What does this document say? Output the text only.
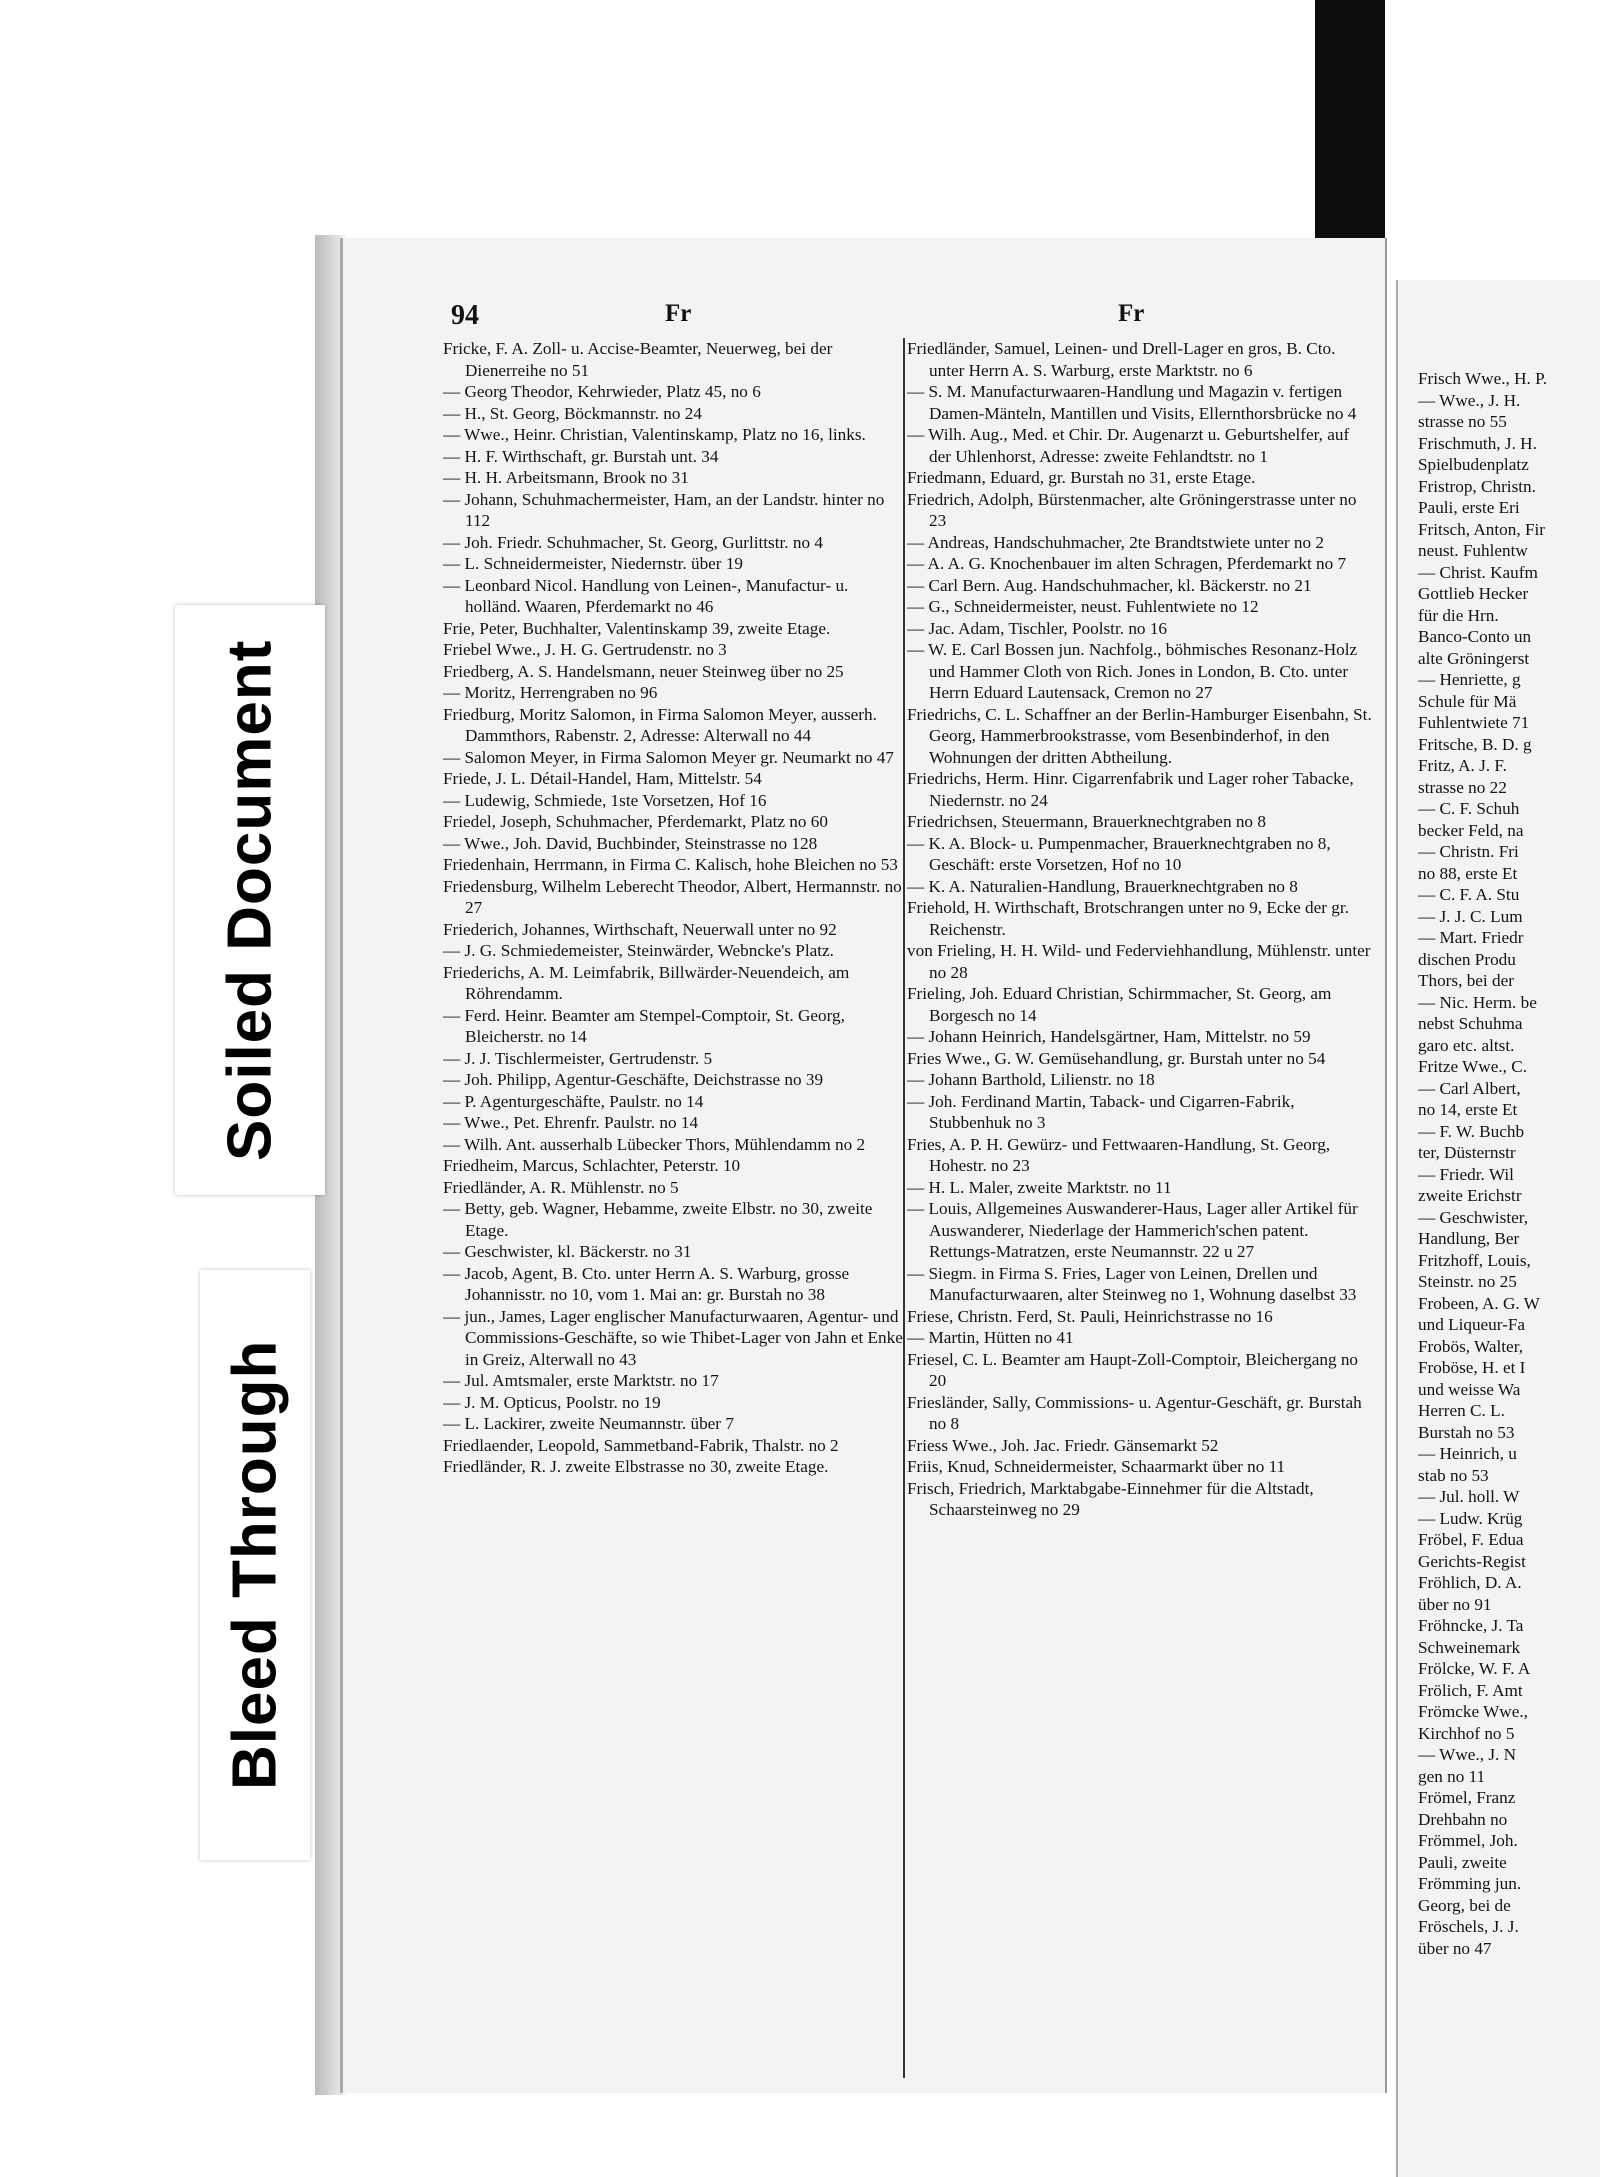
94	Fr	Fr

Fricke, F. A. Zoll- u. Accise-Beamter, Neuerweg, bei der Dienerreihe no 51

— Georg Theodor, Kehrwieder, Platz 45, no 6

— H., St. Georg, Böckmannstr. no 24

— Wwe., Heinr. Christian, Valentinskamp, Platz no 16, links.

— H. F. Wirthschaft, gr. Burstah unt. 34

— H. H. Arbeitsmann, Brook no 31

— Johann, Schuhmachermeister, Ham, an der Landstr. hinter no 112

— Joh. Friedr. Schuhmacher, St. Georg, Gurlittstr. no 4

— L. Schneidermeister, Niedernstr. über 19

— Leonbard Nicol. Handlung von Leinen-, Manufactur- u. holländ. Waaren, Pferdemarkt no 46

Frie, Peter, Buchhalter, Valentinskamp 39, zweite Etage.

Friebel Wwe., J. H. G. Gertrudenstr. no 3

Friedberg, A. S. Handelsmann, neuer Steinweg über no 25

— Moritz, Herrengraben no 96

Friedburg, Moritz Salomon, in Firma Salomon Meyer, ausserh. Dammthors, Rabenstr. 2, Adresse: Alterwall no 44

— Salomon Meyer, in Firma Salomon Meyer gr. Neumarkt no 47

Friede, J. L. Détail-Handel, Ham, Mittelstr. 54

— Ludewig, Schmiede, 1ste Vorsetzen, Hof 16

Friedel, Joseph, Schuhmacher, Pferdemarkt, Platz no 60

— Wwe., Joh. David, Buchbinder, Steinstrasse no 128

Friedenhain, Herrmann, in Firma C. Kalisch, hohe Bleichen no 53

Friedensburg, Wilhelm Leberecht Theodor, Albert, Hermannstr. no 27

Friederich, Johannes, Wirthschaft, Neuerwall unter no 92

— J. G. Schmiedemeister, Steinwärder, Webncke's Platz.

Friederichs, A. M. Leimfabrik, Billwärder-Neuendeich, am Röhrendamm.

— Ferd. Heinr. Beamter am Stempel-Comptoir, St. Georg, Bleicherstr. no 14

— J. J. Tischlermeister, Gertrudenstr. 5

— Joh. Philipp, Agentur-Geschäfte, Deichstrasse no 39

— P. Agenturgeschäfte, Paulstr. no 14

— Wwe., Pet. Ehrenfr. Paulstr. no 14

— Wilh. Ant. ausserhalb Lübecker Thors, Mühlendamm no 2

Friedheim, Marcus, Schlachter, Peterstr. 10

Friedländer, A. R. Mühlenstr. no 5

— Betty, geb. Wagner, Hebamme, zweite Elbstr. no 30, zweite Etage.

— Geschwister, kl. Bäckerstr. no 31

— Jacob, Agent, B. Cto. unter Herrn A. S. Warburg, grosse Johannisstr. no 10, vom 1. Mai an: gr. Burstah no 38

— jun., James, Lager englischer Manufacturwaaren, Agentur- und Commissions-Geschäfte, so wie Thibet-Lager von Jahn et Enke in Greiz, Alterwall no 43

— Jul. Amtsmaler, erste Marktstr. no 17

— J. M. Opticus, Poolstr. no 19

— L. Lackirer, zweite Neumannstr. über 7

Friedlaender, Leopold, Sammetband-Fabrik, Thalstr. no 2

Friedländer, R. J. zweite Elbstrasse no 30, zweite Etage.

Friedländer, Samuel, Leinen- und Drell-Lager en gros, B. Cto. unter Herrn A. S. Warburg, erste Marktstr. no 6

— S. M. Manufacturwaaren-Handlung und Magazin v. fertigen Damen-Mänteln, Mantillen und Visits, Ellernthorsbrücke no 4

— Wilh. Aug., Med. et Chir. Dr. Augenarzt u. Geburtshelfer, auf der Uhlenhorst, Adresse: zweite Fehlandtstr. no 1

Friedmann, Eduard, gr. Burstah no 31, erste Etage.

Friedrich, Adolph, Bürstenmacher, alte Gröningerstrasse unter no 23

— Andreas, Handschuhmacher, 2te Brandtstwiete unter no 2

— A. A. G. Knochenbauer im alten Schragen, Pferdemarkt no 7

— Carl Bern. Aug. Handschuhmacher, kl. Bäckerstr. no 21

— G., Schneidermeister, neust. Fuhlentwiete no 12

— Jac. Adam, Tischler, Poolstr. no 16

— W. E. Carl Bossen jun. Nachfolg., böhmisches Resonanz-Holz und Hammer Cloth von Rich. Jones in London, B. Cto. unter Herrn Eduard Lautensack, Cremon no 27

Friedrichs, C. L. Schaffner an der Berlin-Hamburger Eisenbahn, St. Georg, Hammerbrookstrasse, vom Besenbinderhof, in den Wohnungen der dritten Abtheilung.

Friedrichs, Herm. Hinr. Cigarrenfabrik und Lager roher Tabacke, Niedernstr. no 24

Friedrichsen, Steuermann, Brauerknechtgraben no 8

— K. A. Block- u. Pumpenmacher, Brauerknechtgraben no 8, Geschäft: erste Vorsetzen, Hof no 10

— K. A. Naturalien-Handlung, Brauerknechtgraben no 8

Friehold, H. Wirthschaft, Brotschrangen unter no 9, Ecke der gr. Reichenstr.

von Frieling, H. H. Wild- und Federviehhandlung, Mühlenstr. unter no 28

Frieling, Joh. Eduard Christian, Schirmmacher, St. Georg, am Borgesch no 14

— Johann Heinrich, Handelsgärtner, Ham, Mittelstr. no 59

Fries Wwe., G. W. Gemüsehandlung, gr. Burstah unter no 54

— Johann Barthold, Lilienstr. no 18

— Joh. Ferdinand Martin, Taback- und Cigarren-Fabrik, Stubbenhuk no 3

Fries, A. P. H. Gewürz- und Fettwaaren-Handlung, St. Georg, Hohestr. no 23

— H. L. Maler, zweite Marktstr. no 11

— Louis, Allgemeines Auswanderer-Haus, Lager aller Artikel für Auswanderer, Niederlage der Hammerich'schen patent. Rettungs-Matratzen, erste Neumannstr. 22 u 27

— Siegm. in Firma S. Fries, Lager von Leinen, Drellen und Manufacturwaaren, alter Steinweg no 1, Wohnung daselbst 33

Friese, Christn. Ferd, St. Pauli, Heinrichstrasse no 16

— Martin, Hütten no 41

Friesel, C. L. Beamter am Haupt-Zoll-Comptoir, Bleichergang no 20

Friesländer, Sally, Commissions- u. Agentur-Geschäft, gr. Burstah no 8

Friess Wwe., Joh. Jac. Friedr. Gänsemarkt 52

Friis, Knud, Schneidermeister, Schaarmarkt über no 11

Frisch, Friedrich, Marktabgabe-Einnehmer für die Altstadt, Schaarsteinweg no 29

Frisch Wwe., H. P.

— Wwe., J. H.

strasse no 55

Frischmuth, J. H.

Spielbudenplatz

Fristrop, Christn.

Pauli, erste Eri

Fritsch, Anton, Fir

neust. Fuhlentw

— Christ. Kaufm

Gottlieb Hecker

für die Hrn.

Banco-Conto un

alte Gröningerst

— Henriette, g

Schule für Mä

Fuhlentwiete 71

Fritsche, B. D. g

Fritz, A. J. F.

strasse no 22

— C. F. Schuh

becker Feld, na

— Christn. Fri

no 88, erste Et

— C. F. A. Stu

— J. J. C. Lum

— Mart. Friedr

dischen Produ

Thors, bei der

— Nic. Herm. be

nebst Schuhma

garo etc. altst.

Fritze Wwe., C.

— Carl Albert,

no 14, erste Et

— F. W. Buchb

ter, Düsternstr

— Friedr. Wil

zweite Erichstr

— Geschwister,

Handlung, Ber

Fritzhoff, Louis,

Steinstr. no 25

Frobeen, A. G. W

und Liqueur-Fa

Frobös, Walter,

Froböse, H. et I

und weisse Wa

Herren C. L.

Burstah no 53

— Heinrich, u

stab no 53

— Jul. holl. W

— Ludw. Krüg

Fröbel, F. Edua

Gerichts-Regist

Fröhlich, D. A.

über no 91

Fröhncke, J. Ta

Schweinemark

Frölcke, W. F. A

Frölich, F. Amt

Frömcke Wwe.,

Kirchhof no 5

— Wwe., J. N

gen no 11

Frömel, Franz

Drehbahn no

Frömmel, Joh.

Pauli, zweite

Frömming jun.

Georg, bei de

Fröschels, J. J.

über no 47

Soiled Document
Bleed Through
